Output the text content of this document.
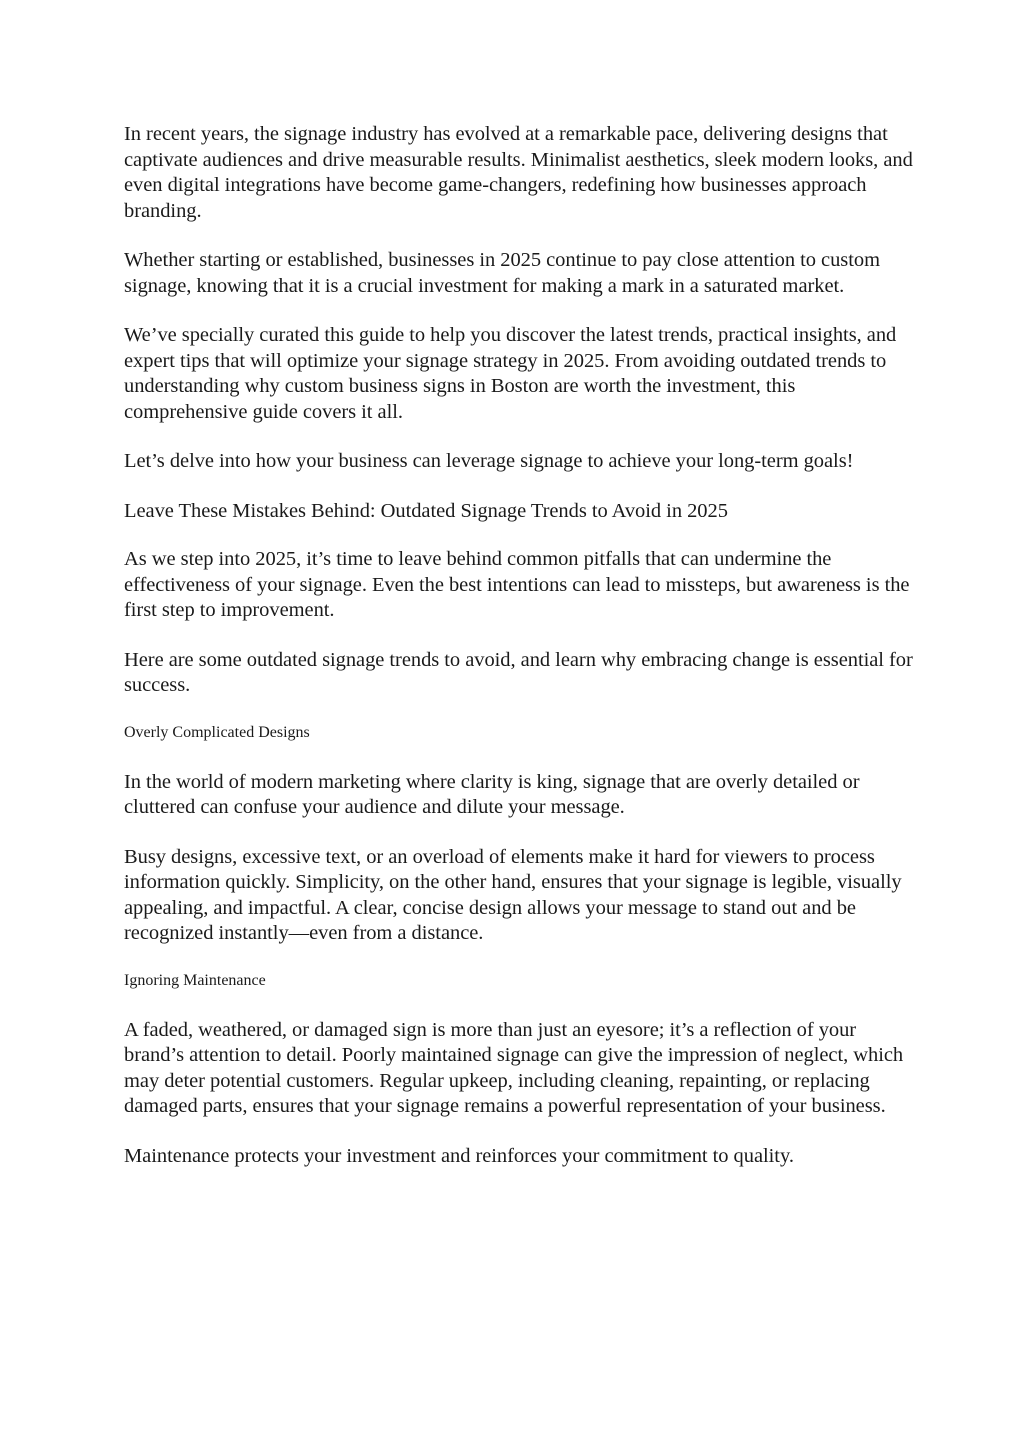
In recent years, the signage industry has evolved at a remarkable pace, delivering designs that captivate audiences and drive measurable results. Minimalist aesthetics, sleek modern looks, and even digital integrations have become game-changers, redefining how businesses approach branding.

Whether starting or established, businesses in 2025 continue to pay close attention to custom signage, knowing that it is a crucial investment for making a mark in a saturated market.

We’ve specially curated this guide to help you discover the latest trends, practical insights, and expert tips that will optimize your signage strategy in 2025. From avoiding outdated trends to understanding why custom business signs in Boston are worth the investment, this comprehensive guide covers it all.

Let’s delve into how your business can leverage signage to achieve your long-term goals!

Leave These Mistakes Behind: Outdated Signage Trends to Avoid in 2025

As we step into 2025, it’s time to leave behind common pitfalls that can undermine the effectiveness of your signage. Even the best intentions can lead to missteps, but awareness is the first step to improvement.

Here are some outdated signage trends to avoid, and learn why embracing change is essential for success.

Overly Complicated Designs

In the world of modern marketing where clarity is king, signage that are overly detailed or cluttered can confuse your audience and dilute your message.

Busy designs, excessive text, or an overload of elements make it hard for viewers to process information quickly. Simplicity, on the other hand, ensures that your signage is legible, visually appealing, and impactful. A clear, concise design allows your message to stand out and be recognized instantly—even from a distance.

Ignoring Maintenance

A faded, weathered, or damaged sign is more than just an eyesore; it’s a reflection of your brand’s attention to detail. Poorly maintained signage can give the impression of neglect, which may deter potential customers. Regular upkeep, including cleaning, repainting, or replacing damaged parts, ensures that your signage remains a powerful representation of your business.

Maintenance protects your investment and reinforces your commitment to quality.
